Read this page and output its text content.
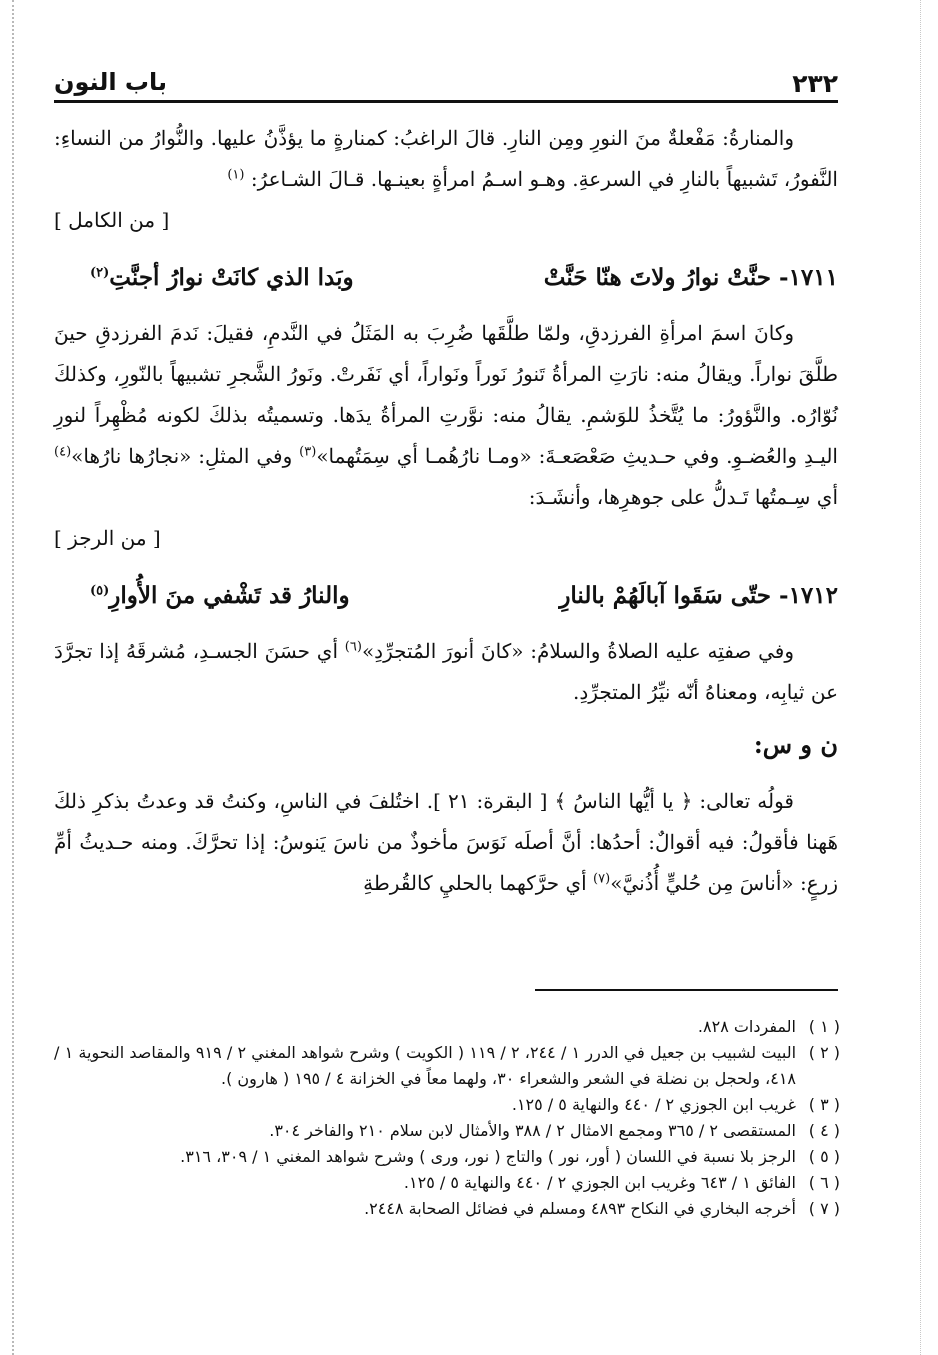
باب النون	٢٣٢

والمنارةُ: مَفْعلةٌ منَ النورِ ومِن النارِ. قالَ الراغبُ: كمنارةٍ ما يؤذَّنُ عليها. والنُّوارُ من النساءِ: النَّفورُ، تَشبيهاً بالنارِ في السرعةِ. وهـو اسـمُ امرأةٍ بعينـها. قـالَ الشـاعرُ: $^{(١)}$

[ من الكامل ]
١٧١١-حنَّتْ نوارُ ولاتَ هنّا حَنَّتْ
وبَدا الذي كانَتْ نوارُ أجنَّتِ$^{(٢)}$

وكانَ اسمَ امرأةِ الفرزدقِ، ولمّا طلَّقَها ضُرِبَ به المَثَلُ في النَّدمِ، فقيلَ: نَدمَ الفرزدقِ حينَ طلَّقَ نواراً. ويقالُ منه: نارَتِ المرأةُ تَنورُ نَوراً ونَواراً، أي نَفَرتْ. ونَورُ الشَّجرِ تشبيهاً بالنّورِ، وكذلكَ نُوّارُه. والنَّؤورُ: ما يُتَّخذُ للوَشمِ. يقالُ منه: نوَّرتِ المرأةُ يدَها. وتسميتُه بذلكَ لكونه مُظْهِراً لنورِ اليـدِ والعُضـوِ. وفي حـديثِ صَعْصَعـةَ: «ومـا نارُهُمـا أي سِمَتُهما»$^{(٣)}$ وفي المثلِ: «نجارُها نارُها»$^{(٤)}$ أي سِـمتُها تَـدلُّ على جوهرِها، وأنشَـدَ:

[ من الرجز ]
١٧١٢-حتّى سَقَوا آبالَهُمْ بالنارِ
والنارُ قد تَشْفي منَ الأُوارِ$^{(٥)}$

وفي صفتِه عليه الصلاةُ والسلامُ: «كانَ أنورَ المُتجرِّدِ»$^{(٦)}$ أي حسَنَ الجسـدِ، مُشرقَهُ إذا تجرَّدَ عن ثيابِه، ومعناهُ أنّه نيِّرُ المتجرِّدِ.

ن و س:

قولُه تعالى: ﴿ يا أيُّها الناسُ ﴾ [ البقرة: ٢١ ]. اختُلفَ في الناسِ، وكنتُ قد وعدتُ بذكرِ ذلكَ هَهنا فأقولُ: فيه أقوالٌ: أحدُها: أنَّ أصلَه نَوَسَ مأخوذٌ من ناسَ يَنوسُ: إذا تحرَّكَ. ومنه حـديثُ أمِّ زرعٍ: «أناسَ مِن حُليٍّ أُذُنيَّ»$^{(٧)}$ أي حرَّكهما بالحليِ كالقُرطةِ

( ١ )
المفردات ٨٢٨.
( ٢ )
البيت لشبيب بن جعيل في الدرر ١ / ٢٤٤، ٢ / ١١٩ ( الكويت ) وشرح شواهد المغني ٢ / ٩١٩ والمقاصد النحوية ١ / ٤١٨، ولحجل بن نضلة في الشعر والشعراء ٣٠، ولهما معاً في الخزانة ٤ / ١٩٥ ( هارون ).
( ٣ )
غريب ابن الجوزي ٢ / ٤٤٠ والنهاية ٥ / ١٢٥.
( ٤ )
المستقصى ٢ / ٣٦٥ ومجمع الامثال ٢ / ٣٨٨ والأمثال لابن سلام ٢١٠ والفاخر ٣٠٤.
( ٥ )
الرجز بلا نسبة في اللسان ( أور، نور ) والتاج ( نور، ورى ) وشرح شواهد المغني ١ / ٣٠٩، ٣١٦.
( ٦ )
الفائق ١ / ٦٤٣ وغريب ابن الجوزي ٢ / ٤٤٠ والنهاية ٥ / ١٢٥.
( ٧ )
أخرجه البخاري في النكاح ٤٨٩٣ ومسلم في فضائل الصحابة ٢٤٤٨.
